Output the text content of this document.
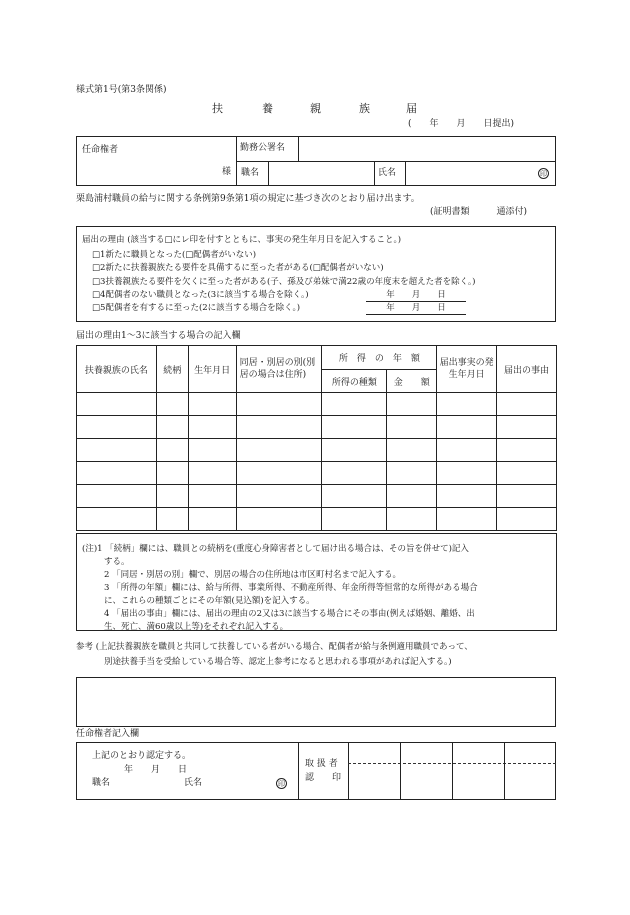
様式第1号(第3条関係)
扶	養	親	族	届
(　　年　　月　　日提出)
任命権者
様
勤務公署名
職名	氏名	印
栗島浦村職員の給与に関する条例第9条第1項の規定に基づき次のとおり届け出ます。
(証明書類　　　通添付)
届出の理由 (該当する□にレ印を付すとともに、事実の発生年月日を記入すること。)
□1新たに職員となった(□配偶者がいない)
□2新たに扶養親族たる要件を具備するに至った者がある(□配偶者がいない)
□3扶養親族たる要件を欠くに至った者がある(子、孫及び弟妹で満22歳の年度末を超えた者を除く。)
□4配偶者のない職員となった(3に該当する場合を除く。)
□5配偶者を有するに至った(2に該当する場合を除く。)
年　　月　　日
年　　月　　日
届出の理由1〜3に該当する場合の記入欄
扶養親族の氏名	続柄	生年月日	同居・別居の別(別居の場合は住所)	所　得　の　年　額		届出事実の発生年月日	届出の事由
				所得の種類	金　　額		

(注)1 「続柄」欄には、職員との続柄を(重度心身障害者として届け出る場合は、その旨を併せて)記入
する。
2 「同居・別居の別」欄で、別居の場合の住所地は市区町村名まで記入する。
3 「所得の年額」欄には、給与所得、事業所得、不動産所得、年金所得等恒常的な所得がある場合
に、これらの種類ごとにその年額(見込額)を記入する。
4 「届出の事由」欄には、届出の理由の2又は3に該当する場合にその事由(例えば婚姻、離婚、出
生、死亡、満60歳以上等)をそれぞれ記入する。
参考 (上記扶養親族を職員と共同して扶養している者がいる場合、配偶者が給与条例適用職員であって、
別途扶養手当を受給している場合等、認定上参考になると思われる事項があれば記入する。)
任命権者記入欄
上記のとおり認定する。
年　　月　　日
職名	氏名	印
取 扱 者
認　　印
